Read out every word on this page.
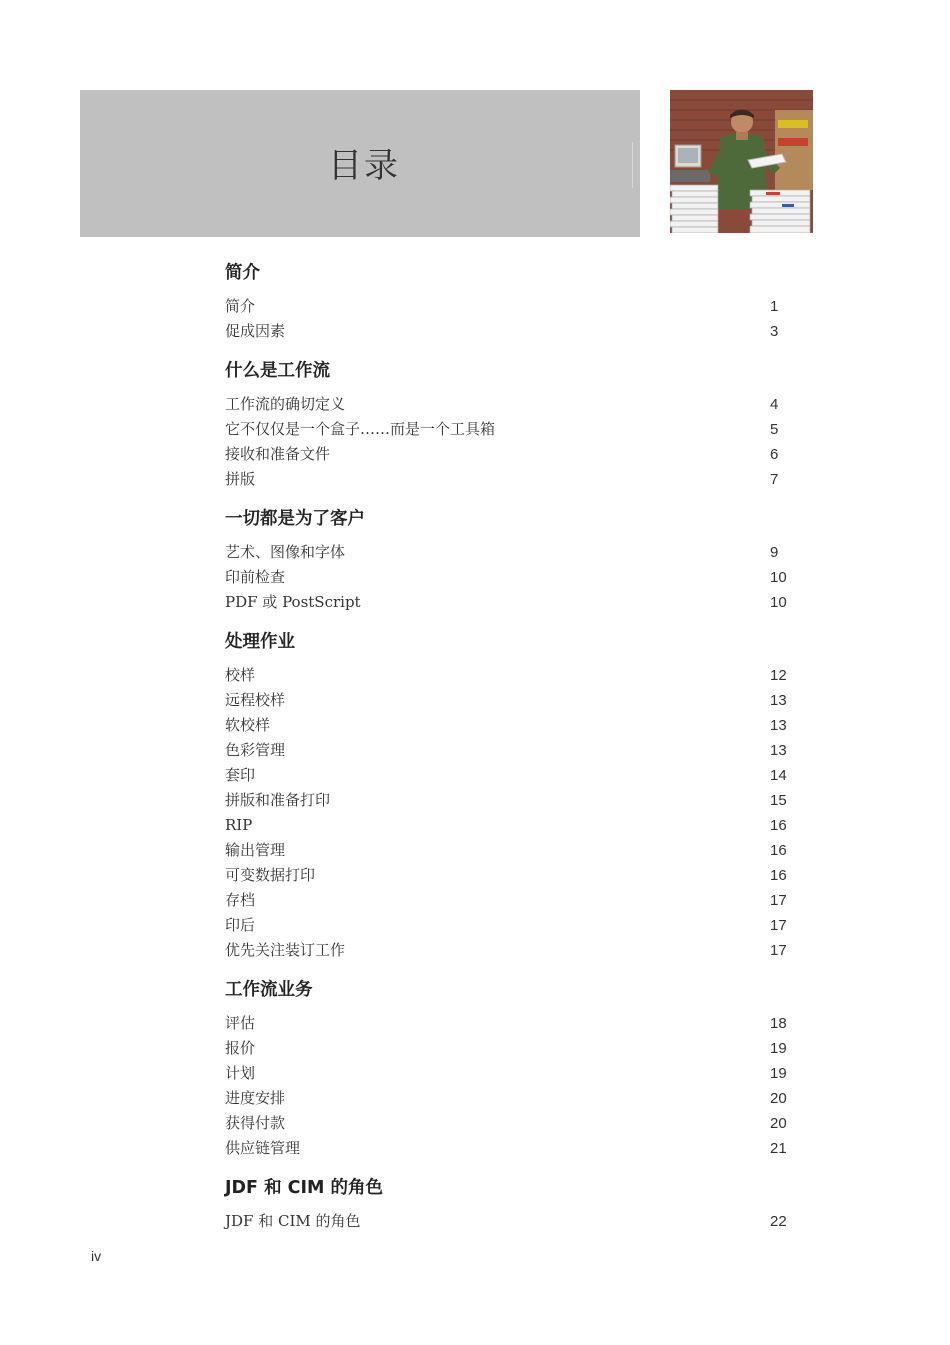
目录
简介
简介	1
促成因素	3
什么是工作流
工作流的确切定义	4
它不仅仅是一个盒子……而是一个工具箱	5
接收和准备文件	6
拼版	7
一切都是为了客户
艺术、图像和字体	9
印前检查	10
PDF 或 PostScript	10
处理作业
校样	12
远程校样	13
软校样	13
色彩管理	13
套印	14
拼版和准备打印	15
RIP	16
输出管理	16
可变数据打印	16
存档	17
印后	17
优先关注装订工作	17
工作流业务
评估	18
报价	19
计划	19
进度安排	20
获得付款	20
供应链管理	21
JDF 和 CIM 的角色
JDF 和 CIM 的角色	22
iv
